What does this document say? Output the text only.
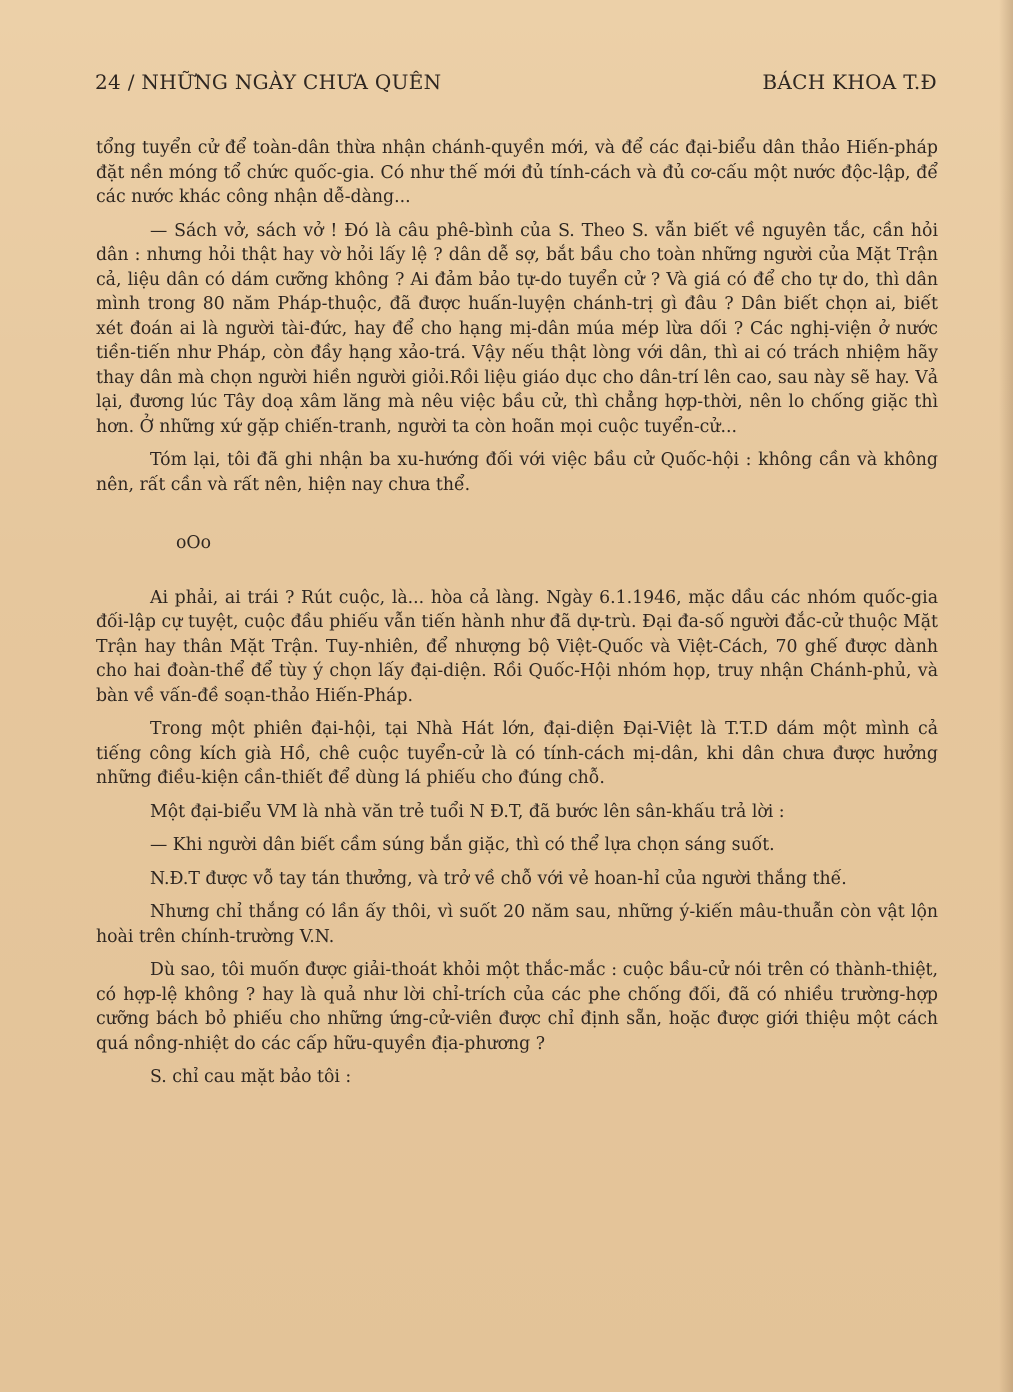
24 / NHỮNG NGÀY CHƯA QUÊN	BÁCH KHOA T.Đ

tổng tuyển cử để toàn-dân thừa nhận chánh-quyền mới, và để các đại-biểu dân thảo Hiến-pháp đặt nền móng tổ chức quốc-gia. Có như thế mới đủ tính-cách và đủ cơ-cấu một nước độc-lập, để các nước khác công nhận dễ-dàng...

— Sách vở, sách vở ! Đó là câu phê-bình của S. Theo S. vẫn biết về nguyên tắc, cần hỏi dân : nhưng hỏi thật hay vờ hỏi lấy lệ ? dân dễ sợ, bắt bầu cho toàn những người của Mặt Trận cả, liệu dân có dám cưỡng không ? Ai đảm bảo tự-do tuyển cử ? Và giá có để cho tự do, thì dân mình trong 80 năm Pháp-thuộc, đã được huấn-luyện chánh-trị gì đâu ? Dân biết chọn ai, biết xét đoán ai là người tài-đức, hay để cho hạng mị-dân múa mép lừa dối ? Các nghị-viện ở nước tiền-tiến như Pháp, còn đầy hạng xảo-trá. Vậy nếu thật lòng với dân, thì ai có trách nhiệm hãy thay dân mà chọn người hiền người giỏi.Rồi liệu giáo dục cho dân-trí lên cao, sau này sẽ hay. Vả lại, đương lúc Tây doạ xâm lăng mà nêu việc bầu cử, thì chẳng hợp-thời, nên lo chống giặc thì hơn. Ở những xứ gặp chiến-tranh, người ta còn hoãn mọi cuộc tuyển-cử...

Tóm lại, tôi đã ghi nhận ba xu-hướng đối với việc bầu cử Quốc-hội : không cần và không nên, rất cần và rất nên, hiện nay chưa thể.

oOo

Ai phải, ai trái ? Rút cuộc, là... hòa cả làng. Ngày 6.1.1946, mặc dầu các nhóm quốc-gia đối-lập cự tuyệt, cuộc đầu phiếu vẫn tiến hành như đã dự-trù. Đại đa-số người đắc-cử thuộc Mặt Trận hay thân Mặt Trận. Tuy-nhiên, để nhượng bộ Việt-Quốc và Việt-Cách, 70 ghế được dành cho hai đoàn-thể để tùy ý chọn lấy đại-diện. Rồi Quốc-Hội nhóm họp, truy nhận Chánh-phủ, và bàn về vấn-đề soạn-thảo Hiến-Pháp.

Trong một phiên đại-hội, tại Nhà Hát lớn, đại-diện Đại-Việt là T.T.D dám một mình cả tiếng công kích già Hồ, chê cuộc tuyển-cử là có tính-cách mị-dân, khi dân chưa được hưởng những điều-kiện cần-thiết để dùng lá phiếu cho đúng chỗ.

Một đại-biểu VM là nhà văn trẻ tuổi N Đ.T, đã bước lên sân-khấu trả lời :

— Khi người dân biết cầm súng bắn giặc, thì có thể lựa chọn sáng suốt.

N.Đ.T được vỗ tay tán thưởng, và trở về chỗ với vẻ hoan-hỉ của người thắng thế.

Nhưng chỉ thắng có lần ấy thôi, vì suốt 20 năm sau, những ý-kiến mâu-thuẫn còn vật lộn hoài trên chính-trường V.N.

Dù sao, tôi muốn được giải-thoát khỏi một thắc-mắc : cuộc bầu-cử nói trên có thành-thiệt, có hợp-lệ không ? hay là quả như lời chỉ-trích của các phe chống đối, đã có nhiều trường-hợp cưỡng bách bỏ phiếu cho những ứng-cử-viên được chỉ định sẵn, hoặc được giới thiệu một cách quá nồng-nhiệt do các cấp hữu-quyền địa-phương ?

S. chỉ cau mặt bảo tôi :
